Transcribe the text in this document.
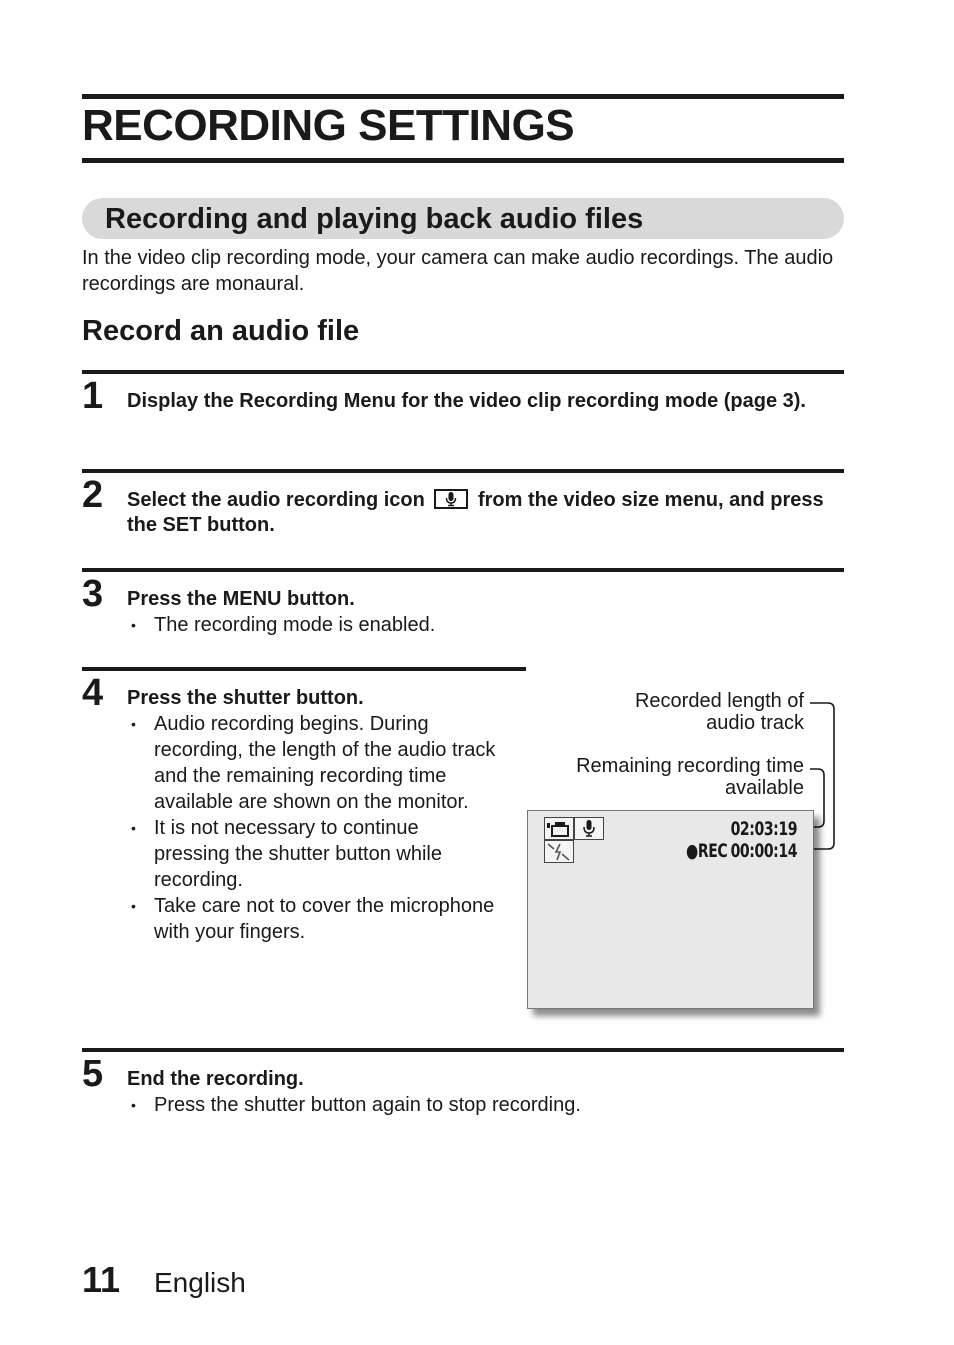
RECORDING SETTINGS
Recording and playing back audio files

In the video clip recording mode, your camera can make audio recordings. The audio recordings are monaural.

Record an audio file
1 Display the Recording Menu for the video clip recording mode (page 3).

2 Select the audio recording icon	from the video size menu, and press the SET button.

3 Press the MENU button.

• The recording mode is enabled.
4 Press the shutter button.

• Audio recording begins. During recording, the length of the audio track and the remaining recording time available are shown on the monitor.
• It is not necessary to continue pressing the shutter button while recording.
• Take care not to cover the microphone with your fingers.

Recorded length of audio track

Remaining recording time available

02:03:19
●REC 00:00:14
5 End the recording.

• Press the shutter button again to stop recording.
11 English
